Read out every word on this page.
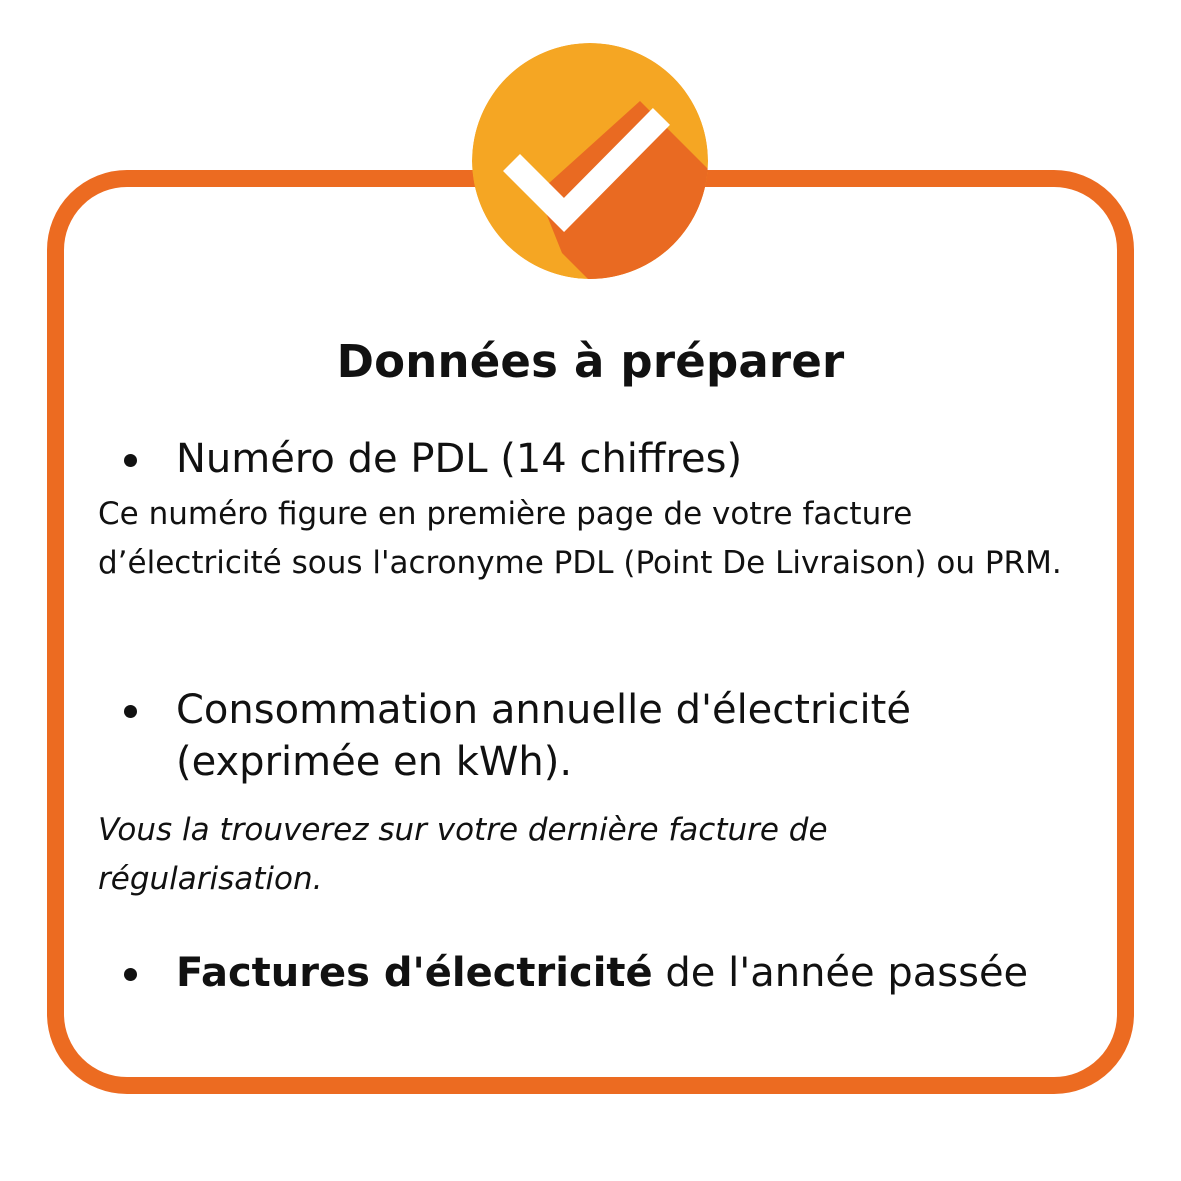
Données à préparer
Numéro de PDL (14 chiffres)

Ce numéro figure en première page de votre facture d’électricité sous l'acronyme PDL (Point De Livraison) ou PRM.

Consommation annuelle d'électricité
(exprimée en kWh).

Vous la trouverez sur votre dernière facture de régularisation.

Factures d'électricité de l'année passée
